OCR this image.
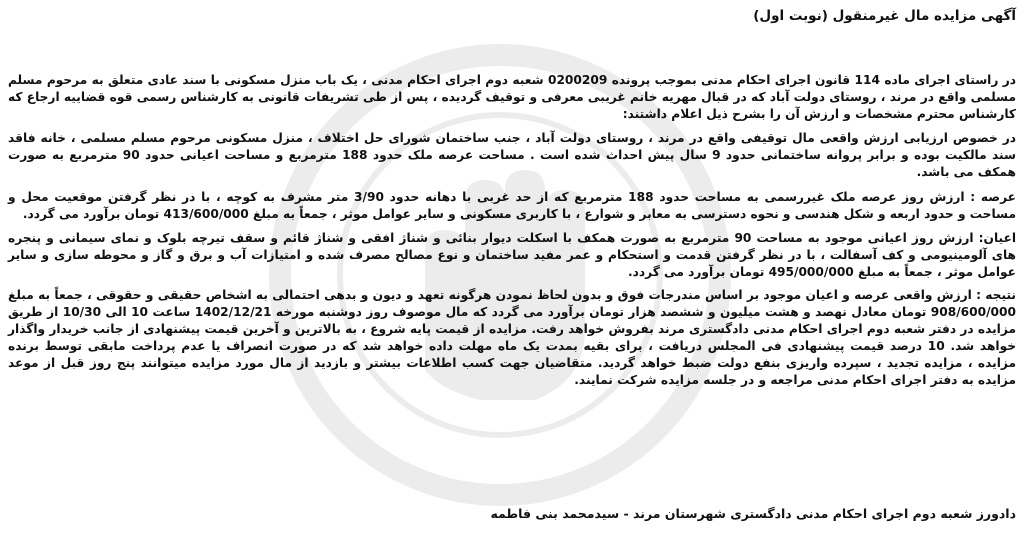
آگهی مزایده مال غیرمنقول (نوبت اول)

در راستای اجرای ماده 114 قانون اجرای احکام مدنی بموجب پرونده 0200209 شعبه دوم اجرای احکام مدنی ، یک باب منزل مسکونی با سند عادی متعلق به مرحوم مسلم مسلمی واقع در مرند ، روستای دولت آباد که در قبال مهریه خانم غریبی معرفی و توقیف گردیده ، پس از طی تشریفات قانونی به کارشناس رسمی قوه قضاییه ارجاع که کارشناس محترم مشخصات و ارزش آن را بشرح ذیل اعلام داشتند:

در خصوص ارزیابی ارزش واقعی مال توقیفی واقع در مرند ، روستای دولت آباد ، جنب ساختمان شورای حل اختلاف ، منزل مسکونی مرحوم مسلم مسلمی ، خانه فاقد سند مالکیت بوده و برابر پروانه ساختمانی حدود 9 سال پیش احداث شده است . مساحت عرصه ملک حدود 188 مترمربع و مساحت اعیانی حدود 90 مترمربع به صورت همکف می باشد.

عرصه : ارزش روز عرصه ملک غیررسمی به مساحت حدود 188 مترمربع که از حد غربی با دهانه حدود 3/90 متر مشرف به کوچه ، با در نظر گرفتن موقعیت محل و مساحت و حدود اربعه و شکل هندسی و نحوه دسترسی به معابر و شوارع ، با کاربری مسکونی و سایر عوامل موثر ، جمعاً به مبلغ 413/600/000 تومان برآورد می گردد.

اعیان: ارزش روز اعیانی موجود به مساحت 90 مترمربع به صورت همکف با اسکلت دیوار بنائی و شناژ افقی و شناژ قائم و سقف تیرچه بلوک و نمای سیمانی و پنجره های آلومینیومی و کف آسفالت ، با در نظر گرفتن قدمت و استحکام و عمر مفید ساختمان و نوع مصالح مصرف شده و امتیازات آب و برق و گاز و محوطه سازی و سایر عوامل موثر ، جمعاً به مبلغ 495/000/000 تومان برآورد می گردد.

نتیجه : ارزش واقعی عرصه و اعیان موجود بر اساس مندرجات فوق و بدون لحاظ نمودن هرگونه تعهد و دیون و بدهی احتمالی به اشخاص حقیقی و حقوقی ، جمعاً به مبلغ 908/600/000 تومان معادل نهصد و هشت میلیون و ششصد هزار تومان برآورد می گردد که مال موصوف روز دوشنبه مورخه 1402/12/21 ساعت 10 الی 10/30 از طریق مزایده در دفتر شعبه دوم اجرای احکام مدنی دادگستری مرند بفروش خواهد رفت. مزایده از قیمت پایه شروع ، به بالاترین و آخرین قیمت پیشنهادی از جانب خریدار واگذار خواهد شد. 10 درصد قیمت پیشنهادی فی المجلس دریافت ، برای بقیه بمدت یک ماه مهلت داده خواهد شد که در صورت انصراف یا عدم پرداخت مابقی توسط برنده مزایده ، مزایده تجدید ، سپرده واریزی بنفع دولت ضبط خواهد گردید. متقاضیان جهت کسب اطلاعات بیشتر و بازدید از مال مورد مزایده میتوانند پنج روز قبل از موعد مزایده به دفتر اجرای احکام مدنی مراجعه و در جلسه مزایده شرکت نمایند.

دادورز شعبه دوم اجرای احکام مدنی دادگستری شهرستان مرند - سیدمحمد بنی فاطمه
